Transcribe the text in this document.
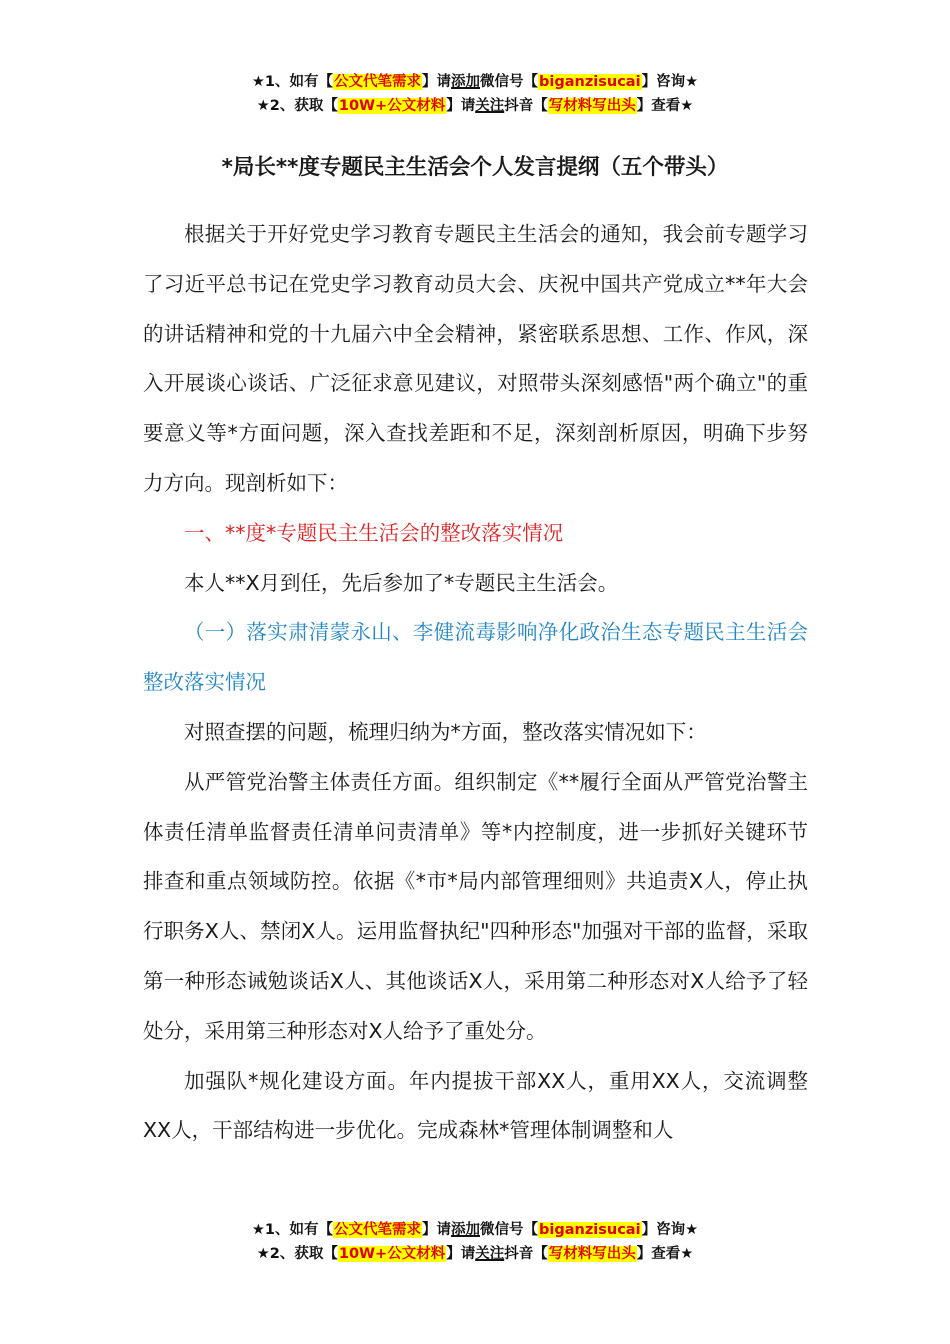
★1、如有【公文代笔需求】请添加微信号【biganzisucai】咨询★
★2、获取【10W+公文材料】请关注抖音【写材料写出头】查看★
*局长**度专题民主生活会个人发言提纲（五个带头）

根据关于开好党史学习教育专题民主生活会的通知，我会前专题学习了习近平总书记在党史学习教育动员大会、庆祝中国共产党成立**年大会的讲话精神和党的十九届六中全会精神，紧密联系思想、工作、作风，深入开展谈心谈话、广泛征求意见建议，对照带头深刻感悟"两个确立"的重要意义等*方面问题，深入查找差距和不足，深刻剖析原因，明确下步努力方向。现剖析如下：

一、**度*专题民主生活会的整改落实情况

本人**X月到任，先后参加了*专题民主生活会。

（一）落实肃清蒙永山、李健流毒影响净化政治生态专题民主生活会整改落实情况

对照查摆的问题，梳理归纳为*方面，整改落实情况如下：

从严管党治警主体责任方面。组织制定《**履行全面从严管党治警主体责任清单监督责任清单问责清单》等*内控制度，进一步抓好关键环节排查和重点领域防控。依据《*市*局内部管理细则》共追责X人，停止执行职务X人、禁闭X人。运用监督执纪"四种形态"加强对干部的监督，采取第一种形态诫勉谈话X人、其他谈话X人，采用第二种形态对X人给予了轻处分，采用第三种形态对X人给予了重处分。

加强队*规化建设方面。年内提拔干部XX人，重用XX人，交流调整XX人，干部结构进一步优化。完成森林*管理体制调整和人

★1、如有【公文代笔需求】请添加微信号【biganzisucai】咨询★
★2、获取【10W+公文材料】请关注抖音【写材料写出头】查看★
